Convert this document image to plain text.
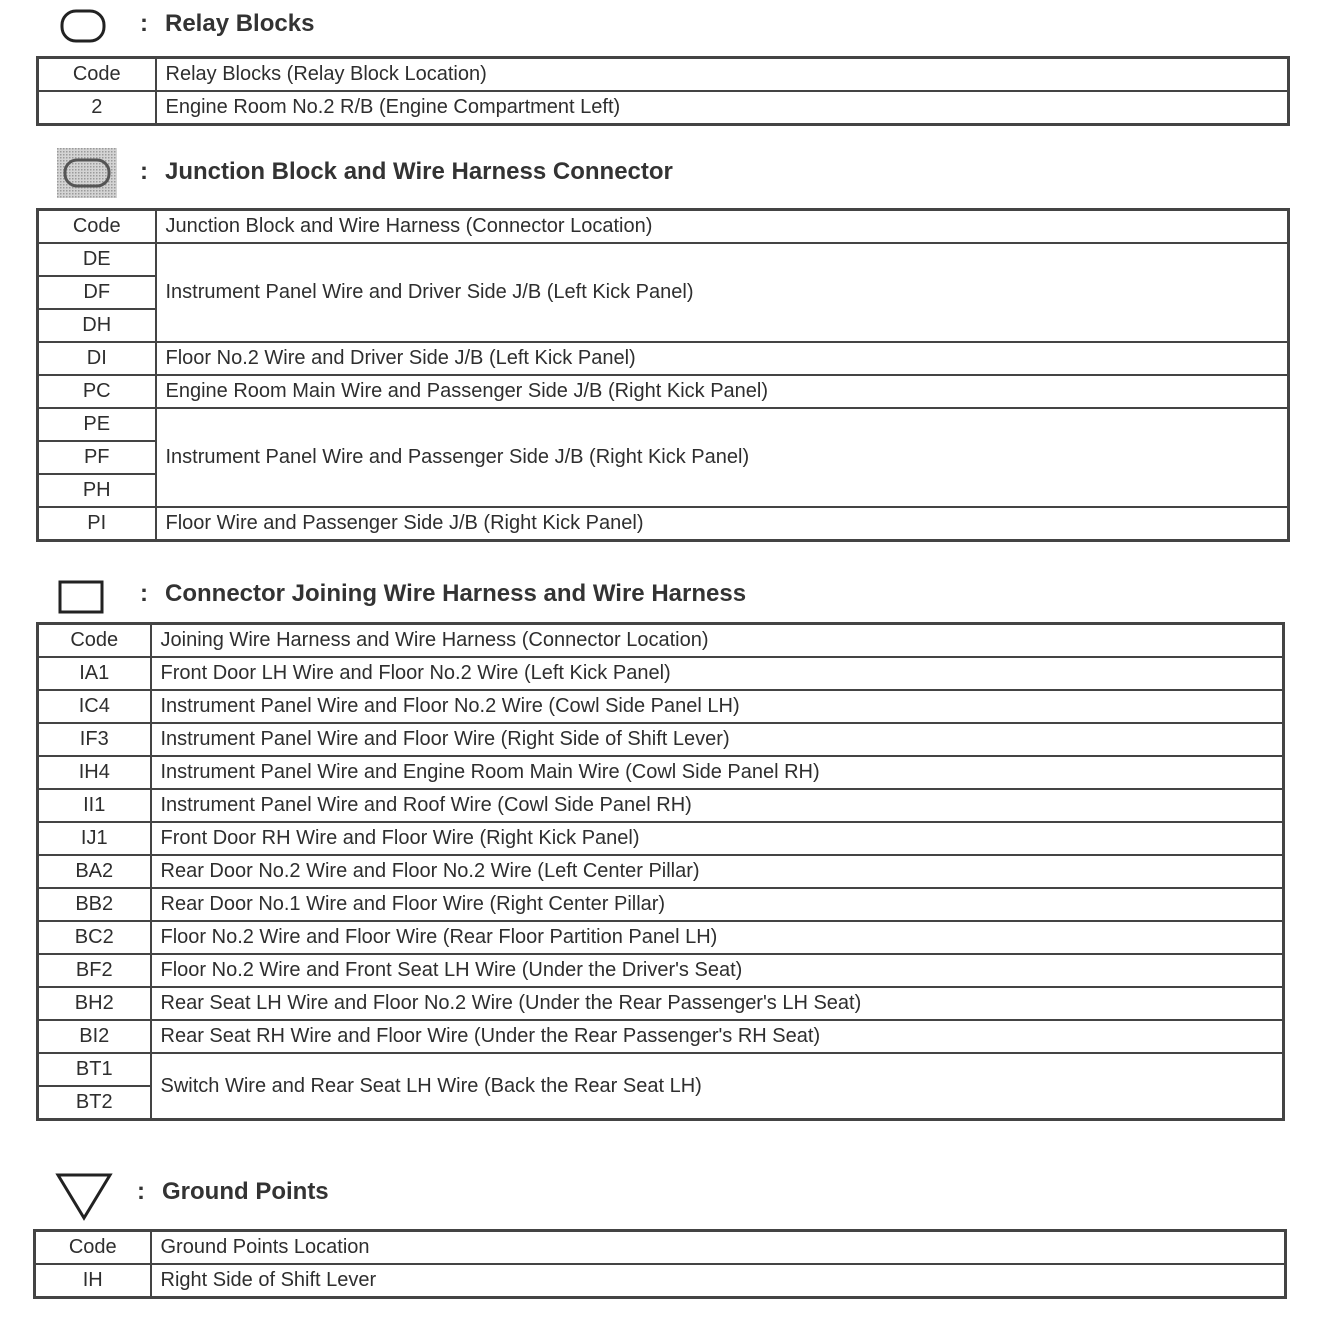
: Relay Blocks
Code	Relay Blocks (Relay Block Location)
2	Engine Room No.2 R/B (Engine Compartment Left)
: Junction Block and Wire Harness Connector
Code	Junction Block and Wire Harness (Connector Location)
DE	Instrument Panel Wire and Driver Side J/B (Left Kick Panel)
DF	
DH	
DI	Floor No.2 Wire and Driver Side J/B (Left Kick Panel)
PC	Engine Room Main Wire and Passenger Side J/B (Right Kick Panel)
PE	Instrument Panel Wire and Passenger Side J/B (Right Kick Panel)
PF	
PH	
PI	Floor Wire and Passenger Side J/B (Right Kick Panel)
: Connector Joining Wire Harness and Wire Harness
Code	Joining Wire Harness and Wire Harness (Connector Location)
IA1	Front Door LH Wire and Floor No.2 Wire (Left Kick Panel)
IC4	Instrument Panel Wire and Floor No.2 Wire (Cowl Side Panel LH)
IF3	Instrument Panel Wire and Floor Wire (Right Side of Shift Lever)
IH4	Instrument Panel Wire and Engine Room Main Wire (Cowl Side Panel RH)
II1	Instrument Panel Wire and Roof Wire (Cowl Side Panel RH)
IJ1	Front Door RH Wire and Floor Wire (Right Kick Panel)
BA2	Rear Door No.2 Wire and Floor No.2 Wire (Left Center Pillar)
BB2	Rear Door No.1 Wire and Floor Wire (Right Center Pillar)
BC2	Floor No.2 Wire and Floor Wire (Rear Floor Partition Panel LH)
BF2	Floor No.2 Wire and Front Seat LH Wire (Under the Driver's Seat)
BH2	Rear Seat LH Wire and Floor No.2 Wire (Under the Rear Passenger's LH Seat)
BI2	Rear Seat RH Wire and Floor Wire (Under the Rear Passenger's RH Seat)
BT1	Switch Wire and Rear Seat LH Wire (Back the Rear Seat LH)
BT2	
: Ground Points
Code	Ground Points Location
IH	Right Side of Shift Lever
